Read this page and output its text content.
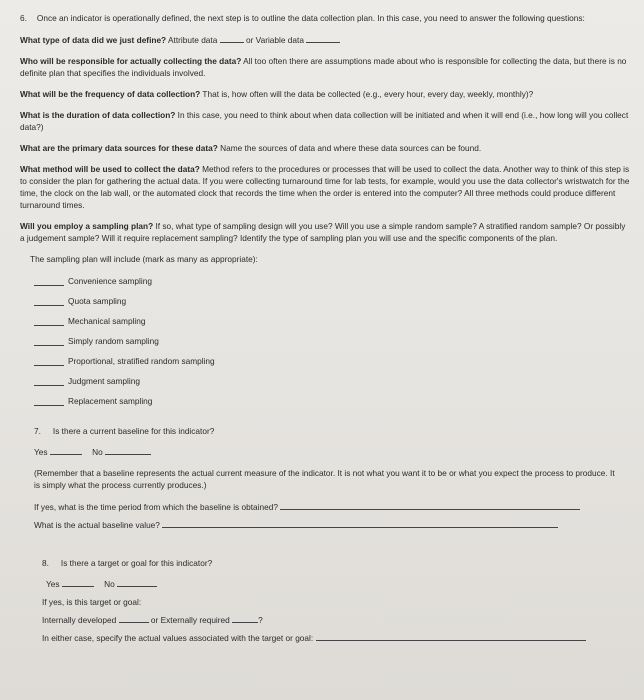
6. Once an indicator is operationally defined, the next step is to outline the data collection plan. In this case, you need to answer the following questions:

What type of data did we just define? Attribute data	or Variable data

Who will be responsible for actually collecting the data? All too often there are assumptions made about who is responsible for collecting the data, but there is no definite plan that specifies the individuals involved.

What will be the frequency of data collection? That is, how often will the data be collected (e.g., every hour, every day, weekly, monthly)?

What is the duration of data collection? In this case, you need to think about when data collection will be initiated and when it will end (i.e., how long will you collect data?)

What are the primary data sources for these data? Name the sources of data and where these data sources can be found.

What method will be used to collect the data? Method refers to the procedures or processes that will be used to collect the data. Another way to think of this step is to consider the plan for gathering the actual data. If you were collecting turnaround time for lab tests, for example, would you use the data collector's wristwatch for the time, the clock on the lab wall, or the automated clock that records the time when the order is entered into the computer? All three methods could produce different turnaround times.

Will you employ a sampling plan? If so, what type of sampling design will you use? Will you use a simple random sample? A stratified random sample? Or possibly a judgement sample? Will it require replacement sampling? Identify the type of sampling plan you will use and the specific components of the plan.

The sampling plan will include (mark as many as appropriate):

Convenience sampling
Quota sampling
Mechanical sampling
Simply random sampling
Proportional, stratified random sampling
Judgment sampling
Replacement sampling

7. Is there a current baseline for this indicator?

Yes	No

(Remember that a baseline represents the actual current measure of the indicator. It is not what you want it to be or what you expect the process to produce. It is simply what the process currently produces.)

If yes, what is the time period from which the baseline is obtained?

What is the actual baseline value?

8. Is there a target or goal for this indicator?

Yes	No

If yes, is this target or goal:

Internally developed	or Externally required	?

In either case, specify the actual values associated with the target or goal:
